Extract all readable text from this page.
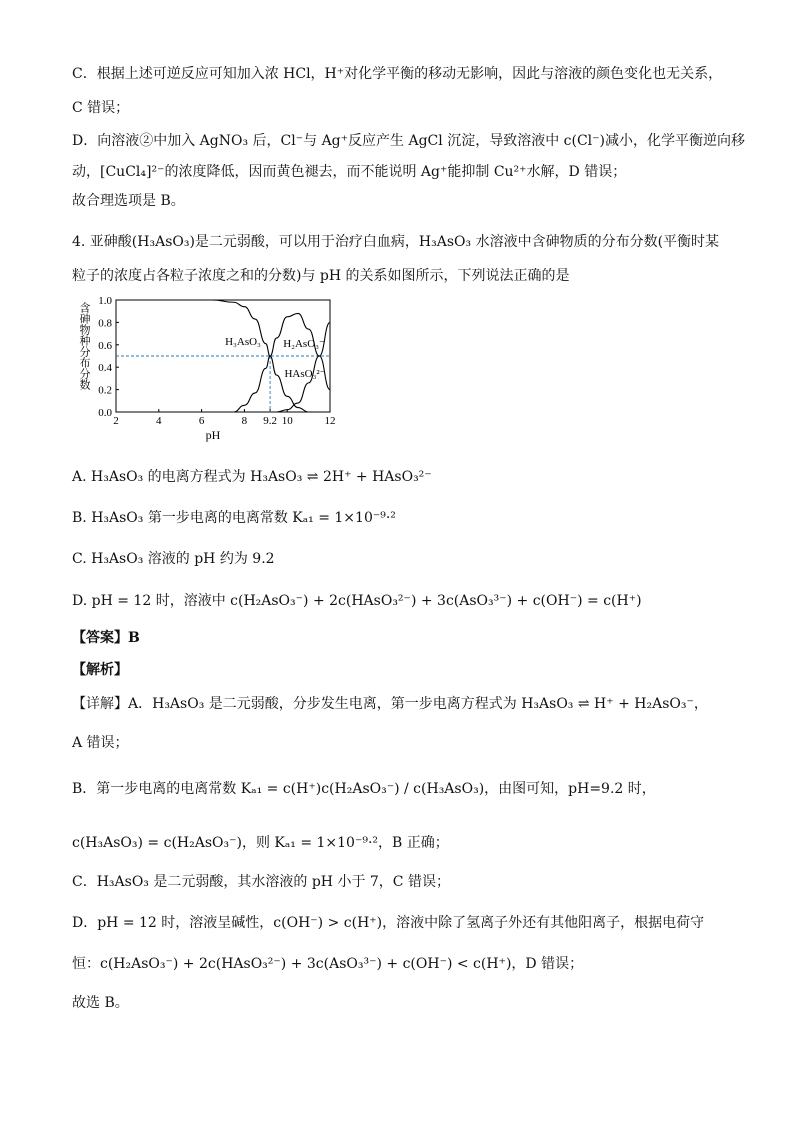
C．根据上述可逆反应可知加入浓 HCl，H⁺对化学平衡的移动无影响，因此与溶液的颜色变化也无关系，
C 错误；
D．向溶液②中加入 AgNO₃ 后，Cl⁻与 Ag⁺反应产生 AgCl 沉淀，导致溶液中 c(Cl⁻)减小，化学平衡逆向移
动，[CuCl₄]²⁻的浓度降低，因而黄色褪去，而不能说明 Ag⁺能抑制 Cu²⁺水解，D 错误；
故合理选项是 B。
4. 亚砷酸(H₃AsO₃)是二元弱酸，可以用于治疗白血病，H₃AsO₃ 水溶液中含砷物质的分布分数(平衡时某
粒子的浓度占各粒子浓度之和的分数)与 pH 的关系如图所示，下列说法正确的是
2	4	6	8 9.2 10	12
0.0
0.2
0.4
0.6
0.8
1.0
H₃AsO₃ H₂AsO₃⁻
HAsO₃²⁻
pH
含砷物种分布分数
A. H₃AsO₃ 的电离方程式为 H₃AsO₃ ⇌ 2H⁺ + HAsO₃²⁻
B. H₃AsO₃ 第一步电离的电离常数 Kₐ₁ = 1×10⁻⁹·²
C. H₃AsO₃ 溶液的 pH 约为 9.2
D. pH = 12 时，溶液中 c(H₂AsO₃⁻) + 2c(HAsO₃²⁻) + 3c(AsO₃³⁻) + c(OH⁻) = c(H⁺)
【答案】B
【解析】
【详解】A．H₃AsO₃ 是二元弱酸，分步发生电离，第一步电离方程式为 H₃AsO₃ ⇌ H⁺ + H₂AsO₃⁻，
A 错误；
B．第一步电离的电离常数 Kₐ₁ = c(H⁺)c(H₂AsO₃⁻) / c(H₃AsO₃)，由图可知，pH=9.2 时，
c(H₃AsO₃) = c(H₂AsO₃⁻)，则 Kₐ₁ = 1×10⁻⁹·²，B 正确；
C．H₃AsO₃ 是二元弱酸，其水溶液的 pH 小于 7，C 错误；
D．pH = 12 时，溶液呈碱性，c(OH⁻) > c(H⁺)，溶液中除了氢离子外还有其他阳离子，根据电荷守
恒：c(H₂AsO₃⁻) + 2c(HAsO₃²⁻) + 3c(AsO₃³⁻) + c(OH⁻) < c(H⁺)，D 错误；
故选 B。
